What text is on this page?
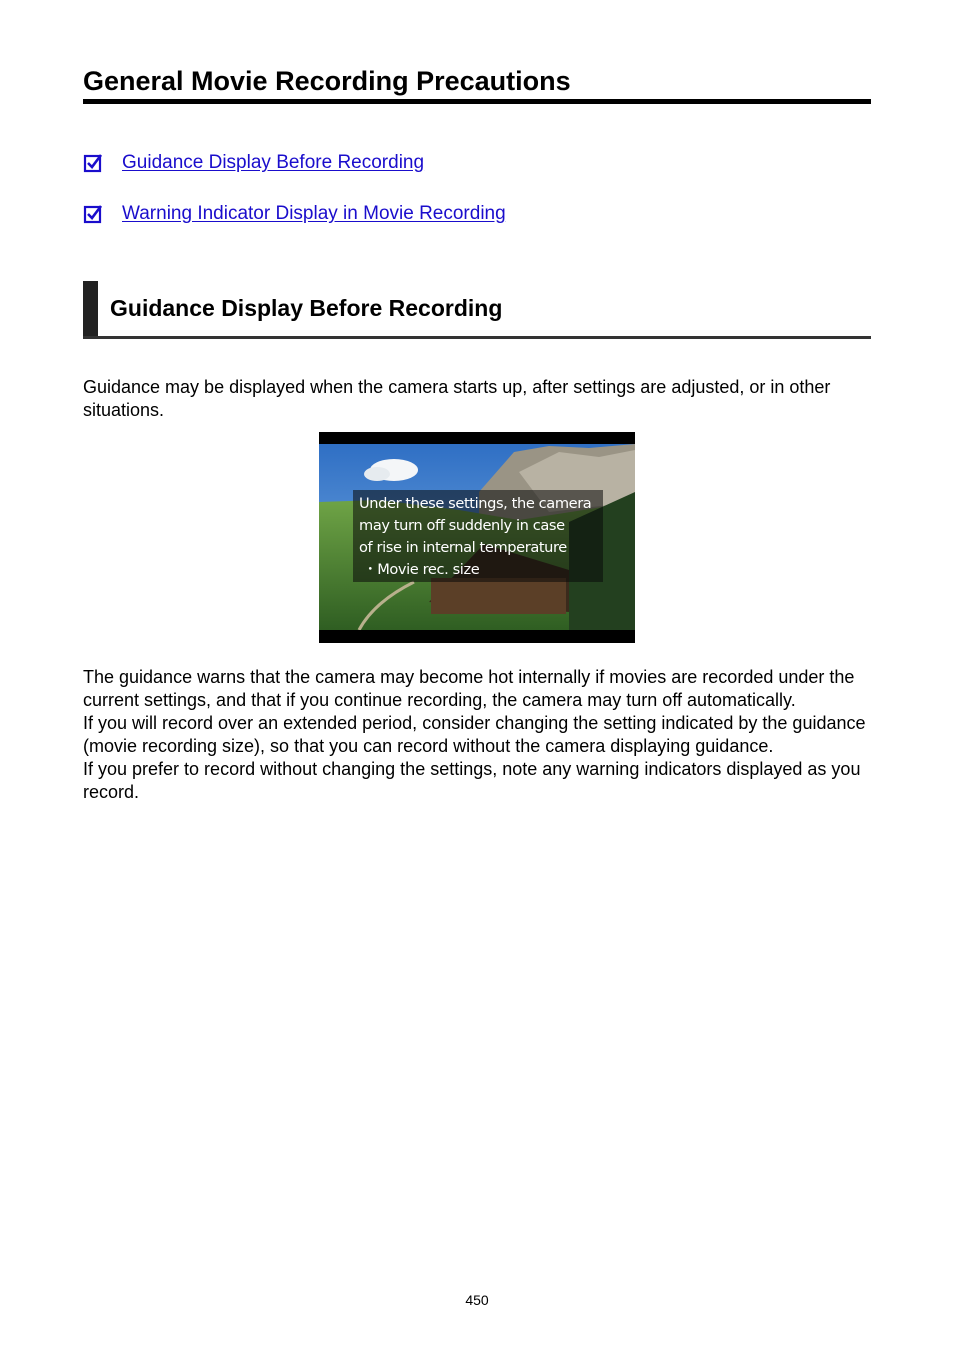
General Movie Recording Precautions
Guidance Display Before Recording
Warning Indicator Display in Movie Recording
Guidance Display Before Recording

Guidance may be displayed when the camera starts up, after settings are adjusted, or in other situations.

Under these settings, the camera
may turn off suddenly in case
of rise in internal temperature
・Movie rec. size

The guidance warns that the camera may become hot internally if movies are recorded under the current settings, and that if you continue recording, the camera may turn off automatically.

If you will record over an extended period, consider changing the setting indicated by the guidance (movie recording size), so that you can record without the camera displaying guidance.

If you prefer to record without changing the settings, note any warning indicators displayed as you record.

450
